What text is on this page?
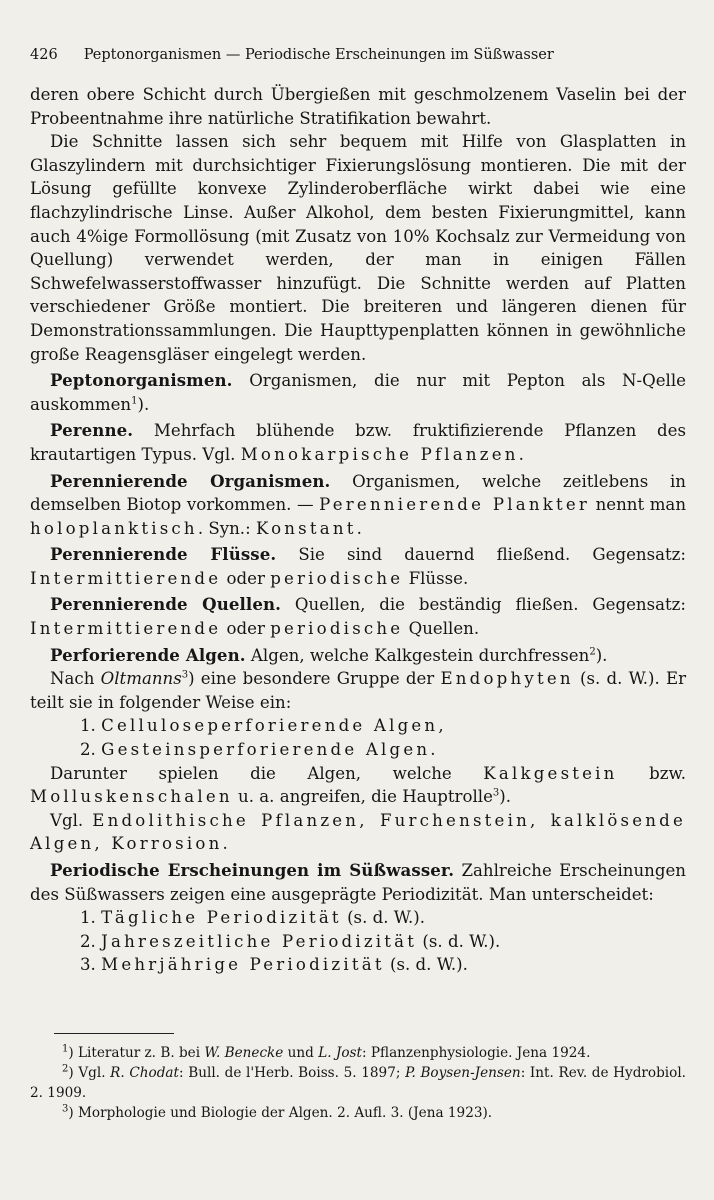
426 Peptonorganismen — Periodische Erscheinungen im Süßwasser

deren obere Schicht durch Übergießen mit geschmolzenem Vaselin bei der Probeentnahme ihre natürliche Stratifikation bewahrt.

Die Schnitte lassen sich sehr bequem mit Hilfe von Glasplatten in Glaszylindern mit durchsichtiger Fixierungslösung montieren. Die mit der Lösung gefüllte konvexe Zylinderoberfläche wirkt dabei wie eine flachzylindrische Linse. Außer Alkohol, dem besten Fixierungmittel, kann auch 4%ige Formollösung (mit Zusatz von 10% Kochsalz zur Vermeidung von Quellung) verwendet werden, der man in einigen Fällen Schwefelwasserstoffwasser hinzufügt. Die Schnitte werden auf Platten verschiedener Größe montiert. Die breiteren und längeren dienen für Demonstrationssammlungen. Die Haupttypenplatten können in gewöhnliche große Reagensgläser eingelegt werden.

Peptonorganismen. Organismen, die nur mit Pepton als N-Qelle auskommen$^1$).

Perenne. Mehrfach blühende bzw. fruktifizierende Pflanzen des krautartigen Typus. Vgl. Monokarpische Pflanzen.

Perennierende Organismen. Organismen, welche zeitlebens in demselben Biotop vorkommen. — Perennierende Plankter nennt man holoplanktisch. Syn.: Konstant.

Perennierende Flüsse. Sie sind dauernd fließend. Gegensatz: Intermittierende oder periodische Flüsse.

Perennierende Quellen. Quellen, die beständig fließen. Gegensatz: Intermittierende oder periodische Quellen.

Perforierende Algen. Algen, welche Kalkgestein durchfressen$^2$).

Nach Oltmanns$^3$) eine besondere Gruppe der Endophyten (s. d. W.). Er teilt sie in folgender Weise ein:

1. Celluloseperforierende Algen,

2. Gesteinsperforierende Algen.

Darunter spielen die Algen, welche Kalkgestein bzw. Molluskenschalen u. a. angreifen, die Hauptrolle$^3$).

Vgl. Endolithische Pflanzen, Furchenstein, kalklösende Algen, Korrosion.

Periodische Erscheinungen im Süßwasser. Zahlreiche Erscheinungen des Süßwassers zeigen eine ausgeprägte Periodizität. Man unterscheidet:

1. Tägliche Periodizität (s. d. W.).

2. Jahreszeitliche Periodizität (s. d. W.).

3. Mehrjährige Periodizität (s. d. W.).

$^1$) Literatur z. B. bei W. Benecke und L. Jost: Pflanzenphysiologie. Jena 1924.

$^2$) Vgl. R. Chodat: Bull. de l'Herb. Boiss. 5. 1897; P. Boysen-Jensen: Int. Rev. de Hydrobiol. 2. 1909.

$^3$) Morphologie und Biologie der Algen. 2. Aufl. 3. (Jena 1923).
